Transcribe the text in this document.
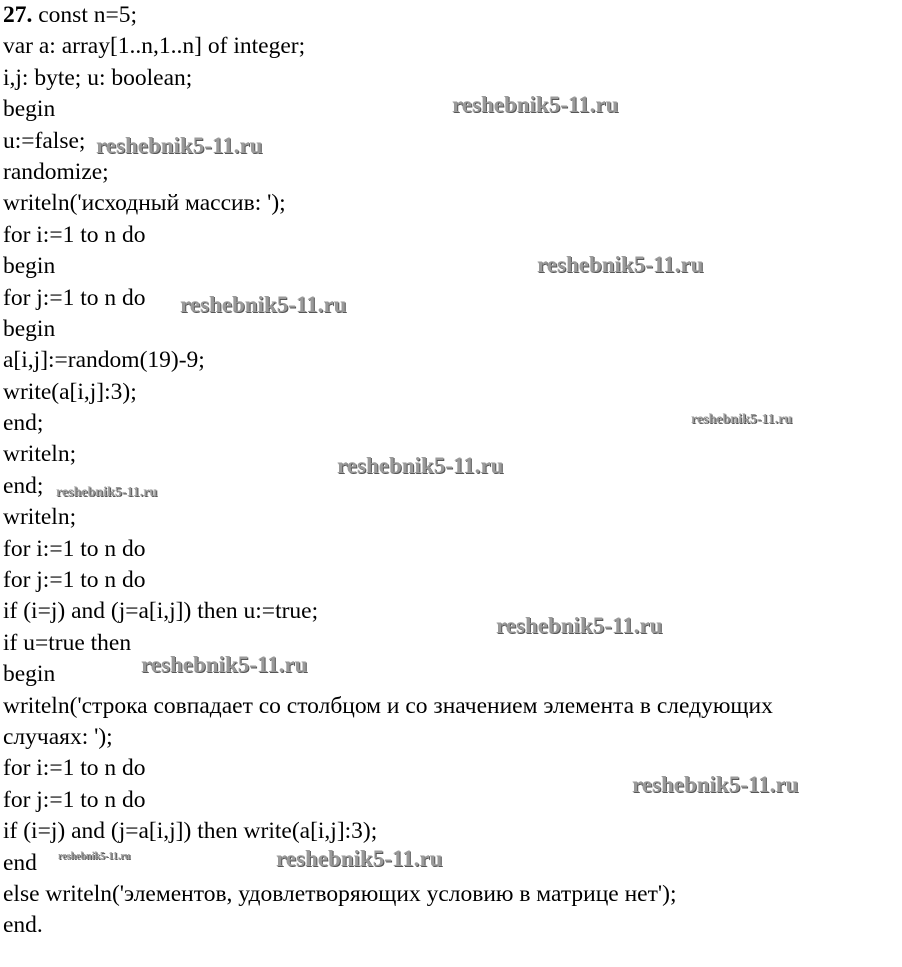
27. const n=5;
var a: array[1..n,1..n] of integer;
i,j: byte; u: boolean;
begin
u:=false;
randomize;
writeln('исходный массив: ');
for i:=1 to n do
begin
for j:=1 to n do
begin
a[i,j]:=random(19)-9;
write(a[i,j]:3);
end;
writeln;
end;
writeln;
for i:=1 to n do
for j:=1 to n do
if (i=j) and (j=a[i,j]) then u:=true;
if u=true then
begin
writeln('строка совпадает со столбцом и со значением элемента в следующих
случаях: ');
for i:=1 to n do
for j:=1 to n do
if (i=j) and (j=a[i,j]) then write(a[i,j]:3);
end
else writeln('элементов, удовлетворяющих условию в матрице нет');
end.
reshebnik5-11.ru
reshebnik5-11.ru
reshebnik5-11.ru
reshebnik5-11.ru
reshebnik5-11.ru
reshebnik5-11.ru
reshebnik5-11.ru
reshebnik5-11.ru
reshebnik5-11.ru
reshebnik5-11.ru
reshebnik5-11.ru	reshebnik5-11.ru
